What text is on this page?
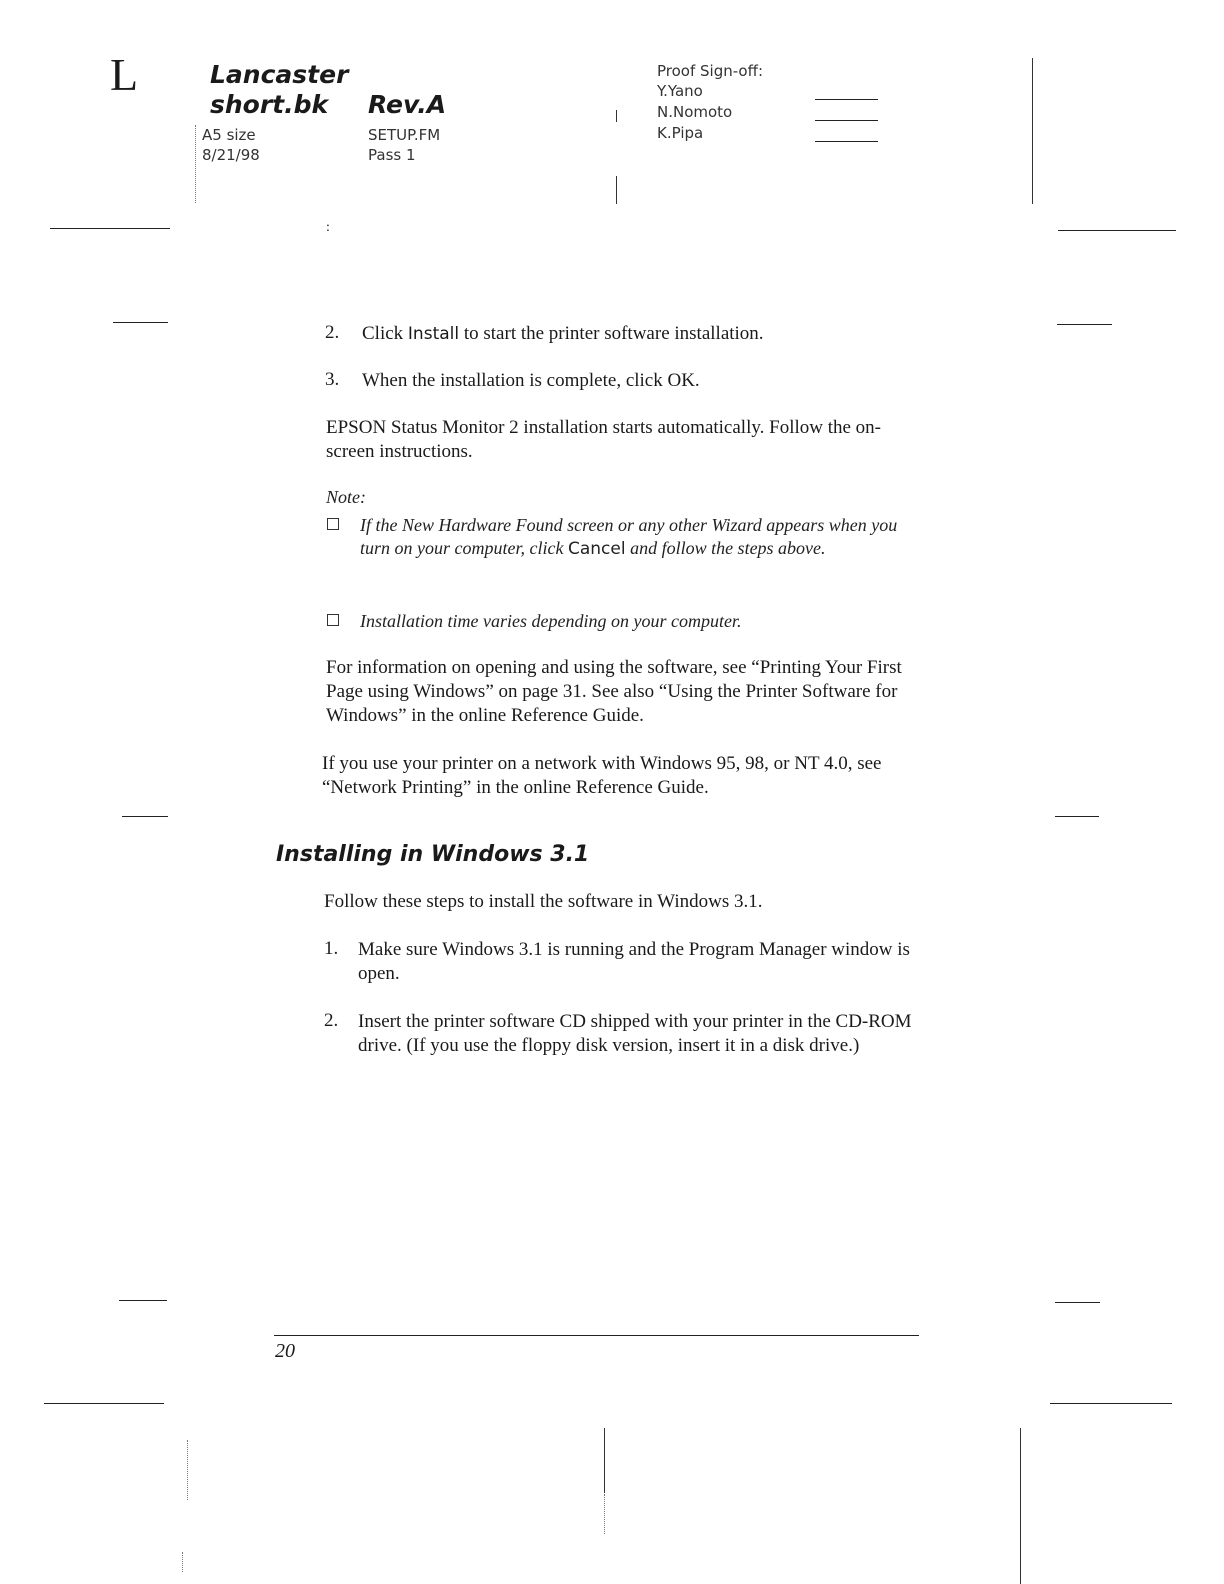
L	Lancaster
short.bk Rev.A
A5 size
8/21/98
SETUP.FM
Pass 1
Proof Sign-off:
Y.Yano
N.Nomoto
K.Pipa
:
2. Click Install to start the printer software installation.
3. When the installation is complete, click OK.
EPSON Status Monitor 2 installation starts automatically. Follow the on-screen instructions.
Note:
If the New Hardware Found screen or any other Wizard appears when you turn on your computer, click Cancel and follow the steps above.
Installation time varies depending on your computer.
For information on opening and using the software, see “Printing Your First Page using Windows” on page 31. See also “Using the Printer Software for Windows” in the online Reference Guide.
If you use your printer on a network with Windows 95, 98, or NT 4.0, see “Network Printing” in the online Reference Guide.
Installing in Windows 3.1
Follow these steps to install the software in Windows 3.1.
1. Make sure Windows 3.1 is running and the Program Manager window is open.
2. Insert the printer software CD shipped with your printer in the CD-ROM drive. (If you use the floppy disk version, insert it in a disk drive.)
20
